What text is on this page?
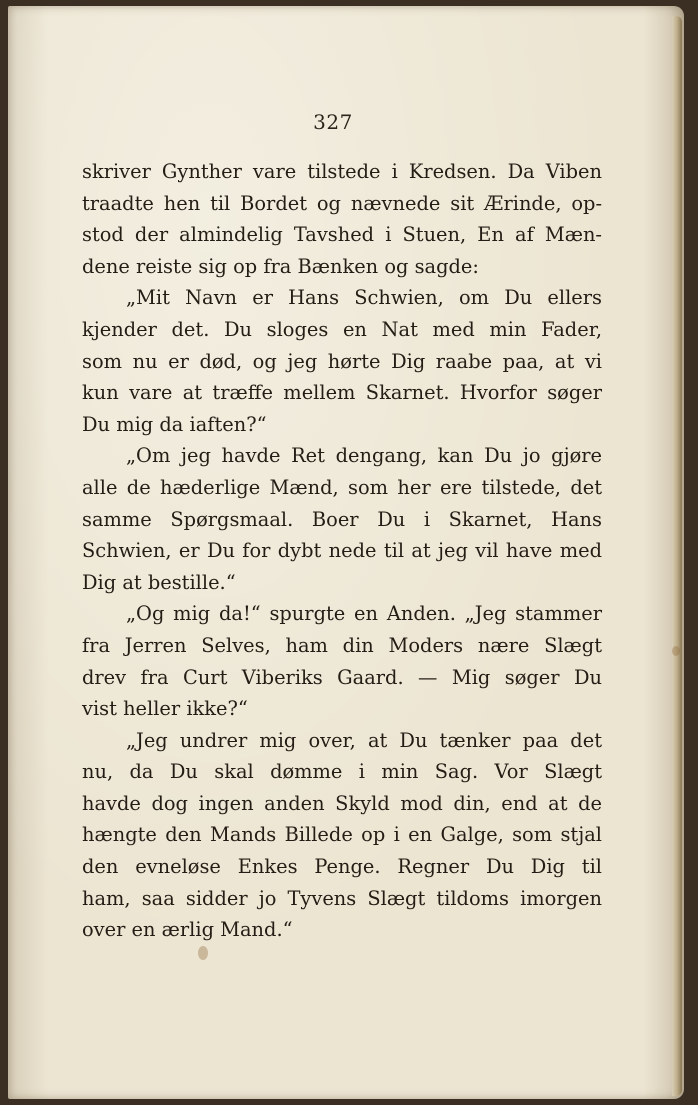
327
skriver Gynther vare tilstede i Kredsen. Da Viben
traadte hen til Bordet og nævnede sit Ærinde, op-
stod der almindelig Tavshed i Stuen, En af Mæn-
dene reiste sig op fra Bænken og sagde:
„Mit Navn er Hans Schwien, om Du ellers
kjender det. Du sloges en Nat med min Fader,
som nu er død, og jeg hørte Dig raabe paa, at vi
kun vare at træffe mellem Skarnet. Hvorfor søger
Du mig da iaften?“
„Om jeg havde Ret dengang, kan Du jo gjøre
alle de hæderlige Mænd, som her ere tilstede, det
samme Spørgsmaal. Boer Du i Skarnet, Hans
Schwien, er Du for dybt nede til at jeg vil have med
Dig at bestille.“
„Og mig da!“ spurgte en Anden. „Jeg stammer
fra Jerren Selves, ham din Moders nære Slægt
drev fra Curt Viberiks Gaard. — Mig søger Du
vist heller ikke?“
„Jeg undrer mig over, at Du tænker paa det
nu, da Du skal dømme i min Sag. Vor Slægt
havde dog ingen anden Skyld mod din, end at de
hængte den Mands Billede op i en Galge, som stjal
den evneløse Enkes Penge. Regner Du Dig til
ham, saa sidder jo Tyvens Slægt tildoms imorgen
over en ærlig Mand.“
